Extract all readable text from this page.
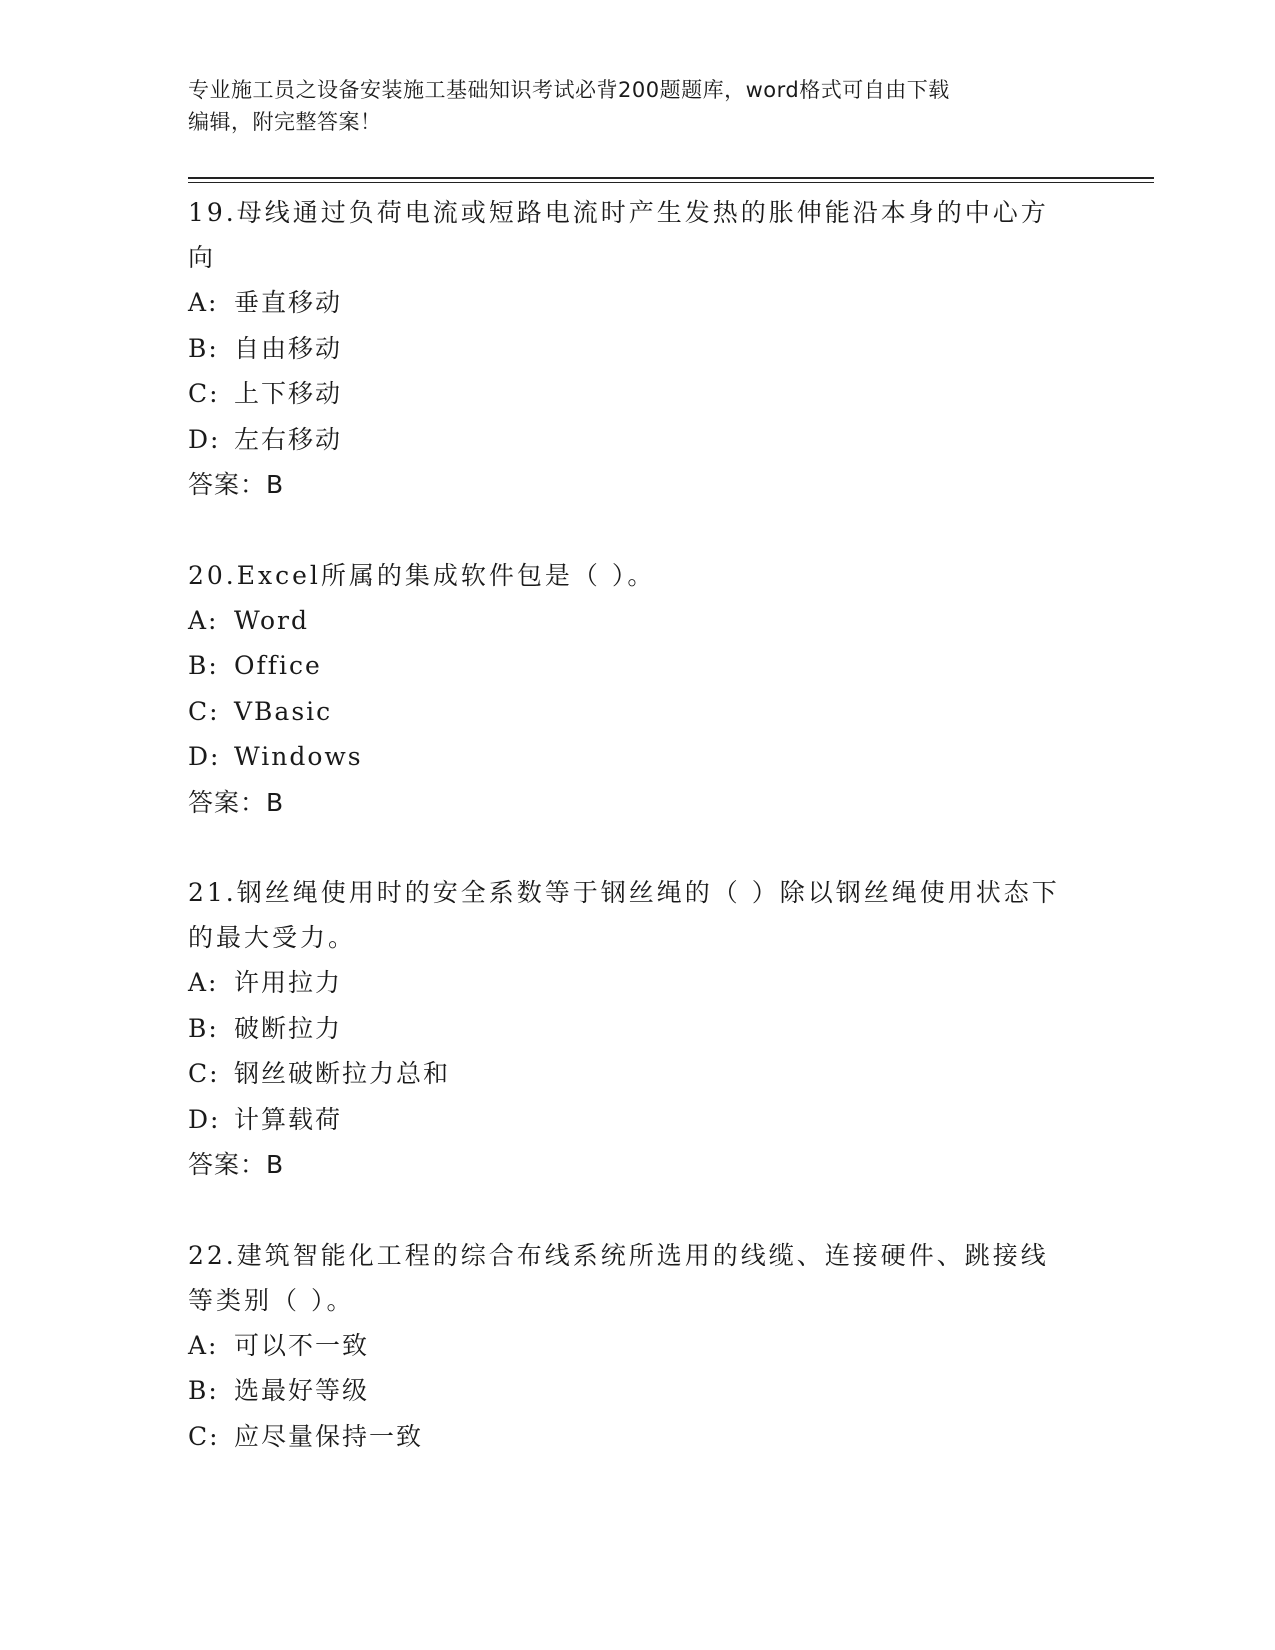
专业施工员之设备安装施工基础知识考试必背200题题库，word格式可自由下载
编辑，附完整答案！
19.母线通过负荷电流或短路电流时产生发热的胀伸能沿本身的中心方向
A: 垂直移动
B: 自由移动
C: 上下移动
D: 左右移动
答案：B
20.Excel所属的集成软件包是（ ）。
A: Word
B: Office
C: VBasic
D: Windows
答案：B
21.钢丝绳使用时的安全系数等于钢丝绳的（ ）除以钢丝绳使用状态下的最大受力。
A: 许用拉力
B: 破断拉力
C: 钢丝破断拉力总和
D: 计算载荷
答案：B
22.建筑智能化工程的综合布线系统所选用的线缆、连接硬件、跳接线等类别（ ）。
A: 可以不一致
B: 选最好等级
C: 应尽量保持一致
